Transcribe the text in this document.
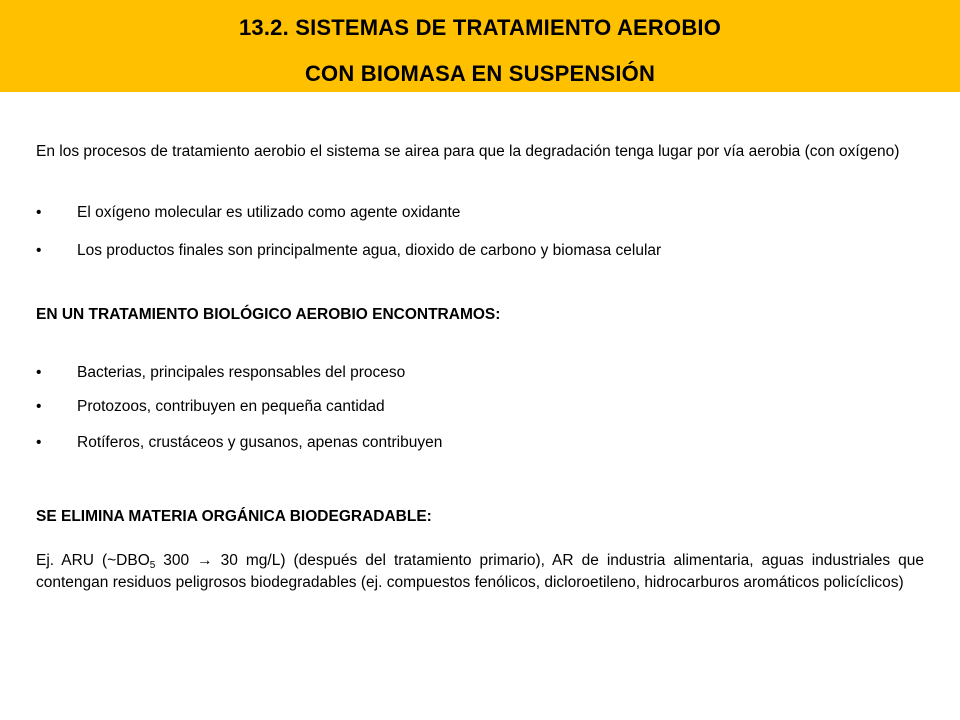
13.2. SISTEMAS DE TRATAMIENTO AEROBIO
CON BIOMASA EN SUSPENSIÓN
En los procesos de tratamiento aerobio el sistema se airea para que la degradación tenga lugar por vía aerobia (con oxígeno)
• El oxígeno molecular es utilizado como agente oxidante
• Los productos finales son principalmente agua, dioxido de carbono y biomasa celular
EN UN TRATAMIENTO BIOLÓGICO AEROBIO ENCONTRAMOS:
• Bacterias, principales responsables del proceso
• Protozoos, contribuyen en pequeña cantidad
• Rotíferos, crustáceos y gusanos, apenas contribuyen
SE ELIMINA MATERIA ORGÁNICA BIODEGRADABLE:
Ej. ARU ($\sim DBO_5$ 300 → 30 mg/L) (después del tratamiento primario), AR de industria alimentaria, aguas industriales que contengan residuos peligrosos biodegradables (ej. compuestos fenólicos, dicloroetileno, hidrocarburos aromáticos policíclicos)
